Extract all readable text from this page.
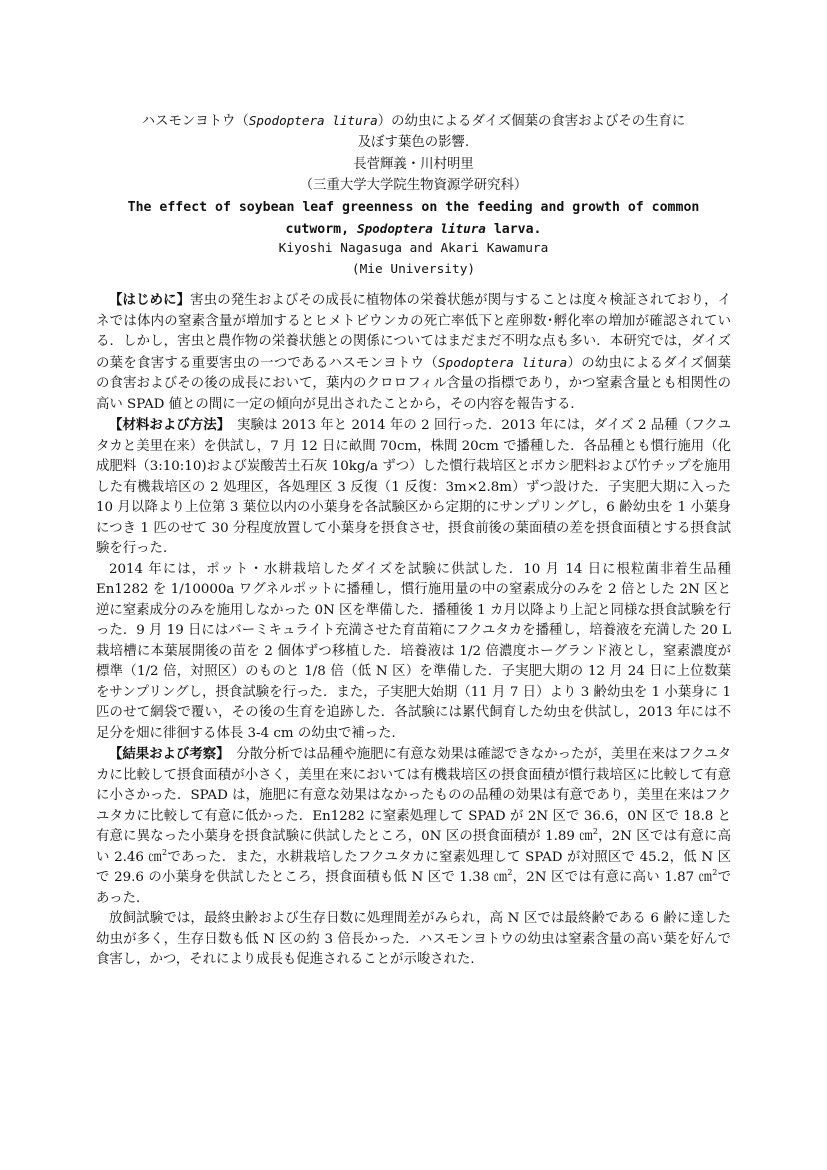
ハスモンヨトウ（Spodoptera litura）の幼虫によるダイズ個葉の食害およびその生育に
及ぼす葉色の影響.
長菅輝義・川村明里
（三重大学大学院生物資源学研究科）
The effect of soybean leaf greenness on the feeding and growth of common
cutworm, Spodoptera litura larva.
Kiyoshi Nagasuga and Akari Kawamura
(Mie University)

【はじめに】害虫の発生およびその成長に植物体の栄養状態が関与することは度々検証されており，イネでは体内の窒素含量が増加するとヒメトビウンカの死亡率低下と産卵数･孵化率の増加が確認されている．しかし，害虫と農作物の栄養状態との関係についてはまだまだ不明な点も多い．本研究では，ダイズの葉を食害する重要害虫の一つであるハスモンヨトウ（Spodoptera litura）の幼虫によるダイズ個葉の食害およびその後の成長において，葉内のクロロフィル含量の指標であり，かつ窒素含量とも相関性の高い SPAD 値との間に一定の傾向が見出されたことから，その内容を報告する．

【材料および方法】　実験は 2013 年と 2014 年の 2 回行った．2013 年には，ダイズ 2 品種（フクユタカと美里在来）を供試し，7 月 12 日に畝間 70cm，株間 20cm で播種した．各品種とも慣行施用（化成肥料（3:10:10)および炭酸苦土石灰 10kg/a ずつ）した慣行栽培区とボカシ肥料および竹チップを施用した有機栽培区の 2 処理区，各処理区 3 反復（1 反復：3m×2.8m）ずつ設けた．子実肥大期に入った 10 月以降より上位第 3 葉位以内の小葉身を各試験区から定期的にサンプリングし，6 齢幼虫を 1 小葉身につき 1 匹のせて 30 分程度放置して小葉身を摂食させ，摂食前後の葉面積の差を摂食面積とする摂食試験を行った．

2014 年には，ポット・水耕栽培したダイズを試験に供試した．10 月 14 日に根粒菌非着生品種 En1282 を 1/10000a ワグネルポットに播種し，慣行施用量の中の窒素成分のみを 2 倍とした 2N 区と逆に窒素成分のみを施用しなかった 0N 区を準備した．播種後 1 カ月以降より上記と同様な摂食試験を行った．9 月 19 日にはバーミキュライト充満させた育苗箱にフクユタカを播種し，培養液を充満した 20 L 栽培槽に本葉展開後の苗を 2 個体ずつ移植した．培養液は 1/2 倍濃度ホーグランド液とし，窒素濃度が標準（1/2 倍，対照区）のものと 1/8 倍（低 N 区）を準備した．子実肥大期の 12 月 24 日に上位数葉をサンプリングし，摂食試験を行った．また，子実肥大始期（11 月 7 日）より 3 齢幼虫を 1 小葉身に 1 匹のせて網袋で覆い，その後の生育を追跡した．各試験には累代飼育した幼虫を供試し，2013 年には不足分を畑に徘徊する体長 3-4 cm の幼虫で補った．

【結果および考察】　分散分析では品種や施肥に有意な効果は確認できなかったが，美里在来はフクユタカに比較して摂食面積が小さく，美里在来においては有機栽培区の摂食面積が慣行栽培区に比較して有意に小さかった．SPAD は，施肥に有意な効果はなかったものの品種の効果は有意であり，美里在来はフクユタカに比較して有意に低かった．En1282 に窒素処理して SPAD が 2N 区で 36.6，0N 区で 18.8 と有意に異なった小葉身を摂食試験に供試したところ，0N 区の摂食面積が 1.89 ㎝$^2$，2N 区では有意に高い 2.46 ㎝$^2$であった．また，水耕栽培したフクユタカに窒素処理して SPAD が対照区で 45.2，低 N 区で 29.6 の小葉身を供試したところ，摂食面積も低 N 区で 1.38 ㎝$^2$，2N 区では有意に高い 1.87 ㎝$^2$であった．

放飼試験では，最終虫齢および生存日数に処理間差がみられ，高 N 区では最終齢である 6 齢に達した幼虫が多く，生存日数も低 N 区の約 3 倍長かった．ハスモンヨトウの幼虫は窒素含量の高い葉を好んで食害し，かつ，それにより成長も促進されることが示唆された．
